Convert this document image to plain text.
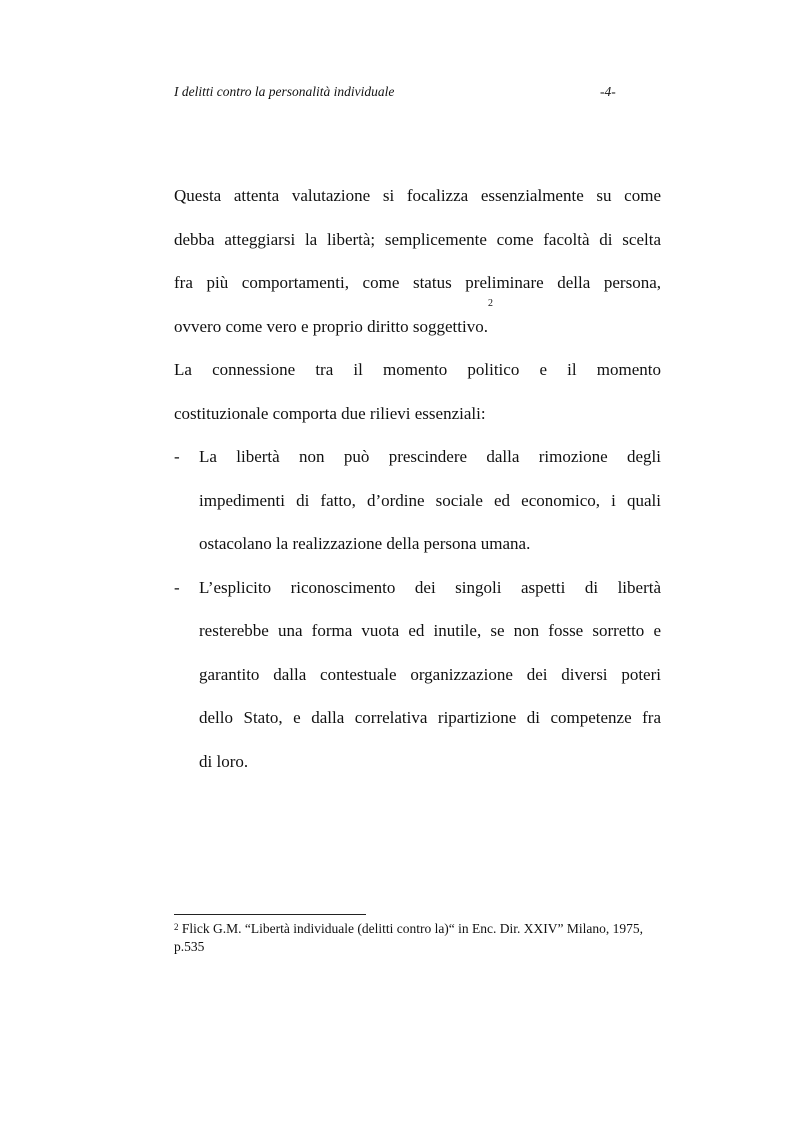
I delitti contro la personalità individuale	-4-

Questa attenta valutazione si focalizza essenzialmente su come

debba atteggiarsi la libertà; semplicemente come facoltà di scelta

fra più comportamenti, come status preliminare della persona,

ovvero come vero e proprio diritto soggettivo.$^2$

La connessione tra il momento politico e il momento

costituzionale comporta due rilievi essenziali:

- La libertà non può prescindere dalla rimozione degli

impedimenti di fatto, d’ordine sociale ed economico, i quali

ostacolano la realizzazione della persona umana.

- L’esplicito riconoscimento dei singoli aspetti di libertà

resterebbe una forma vuota ed inutile, se non fosse sorretto e

garantito dalla contestuale organizzazione dei diversi poteri

dello Stato, e dalla correlativa ripartizione di competenze fra

di loro.

$^2$ Flick G.M. “Libertà individuale (delitti contro la)“ in Enc. Dir. XXIV” Milano, 1975,
p.535
